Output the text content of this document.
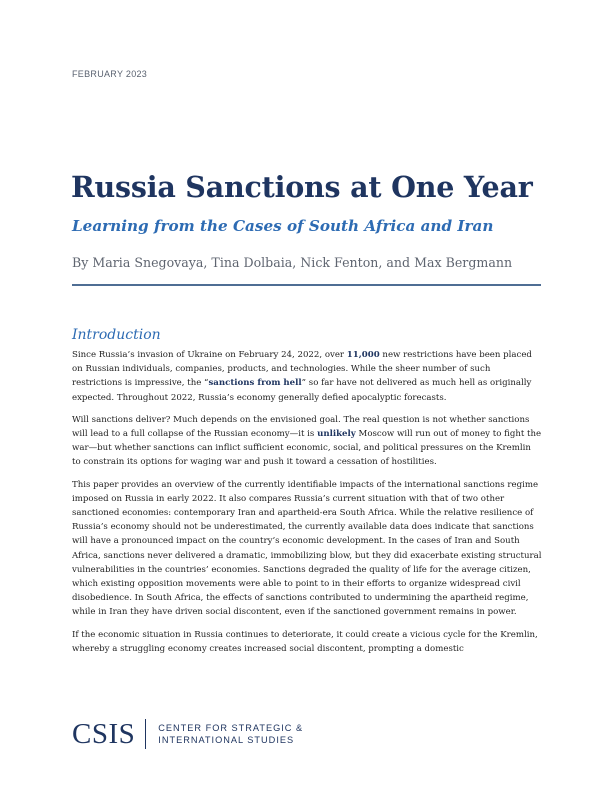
FEBRUARY 2023
Russia Sanctions at One Year
Learning from the Cases of South Africa and Iran
By Maria Snegovaya, Tina Dolbaia, Nick Fenton, and Max Bergmann
Introduction

Since Russia’s invasion of Ukraine on February 24, 2022, over 11,000 new restrictions have been placed on Russian individuals, companies, products, and technologies. While the sheer number of such restrictions is impressive, the “sanctions from hell” so far have not delivered as much hell as originally expected. Throughout 2022, Russia’s economy generally defied apocalyptic forecasts.

Will sanctions deliver? Much depends on the envisioned goal. The real question is not whether sanctions will lead to a full collapse of the Russian economy—it is unlikely Moscow will run out of money to fight the war—but whether sanctions can inflict sufficient economic, social, and political pressures on the Kremlin to constrain its options for waging war and push it toward a cessation of hostilities.

This paper provides an overview of the currently identifiable impacts of the international sanctions regime imposed on Russia in early 2022. It also compares Russia’s current situation with that of two other sanctioned economies: contemporary Iran and apartheid-era South Africa. While the relative resilience of Russia’s economy should not be underestimated, the currently available data does indicate that sanctions will have a pronounced impact on the country’s economic development. In the cases of Iran and South Africa, sanctions never delivered a dramatic, immobilizing blow, but they did exacerbate existing structural vulnerabilities in the countries’ economies. Sanctions degraded the quality of life for the average citizen, which existing opposition movements were able to point to in their efforts to organize widespread civil disobedience. In South Africa, the effects of sanctions contributed to undermining the apartheid regime, while in Iran they have driven social discontent, even if the sanctioned government remains in power.

If the economic situation in Russia continues to deteriorate, it could create a vicious cycle for the Kremlin, whereby a struggling economy creates increased social discontent, prompting a domestic

CSIS	CENTER FOR STRATEGIC &
INTERNATIONAL STUDIES
